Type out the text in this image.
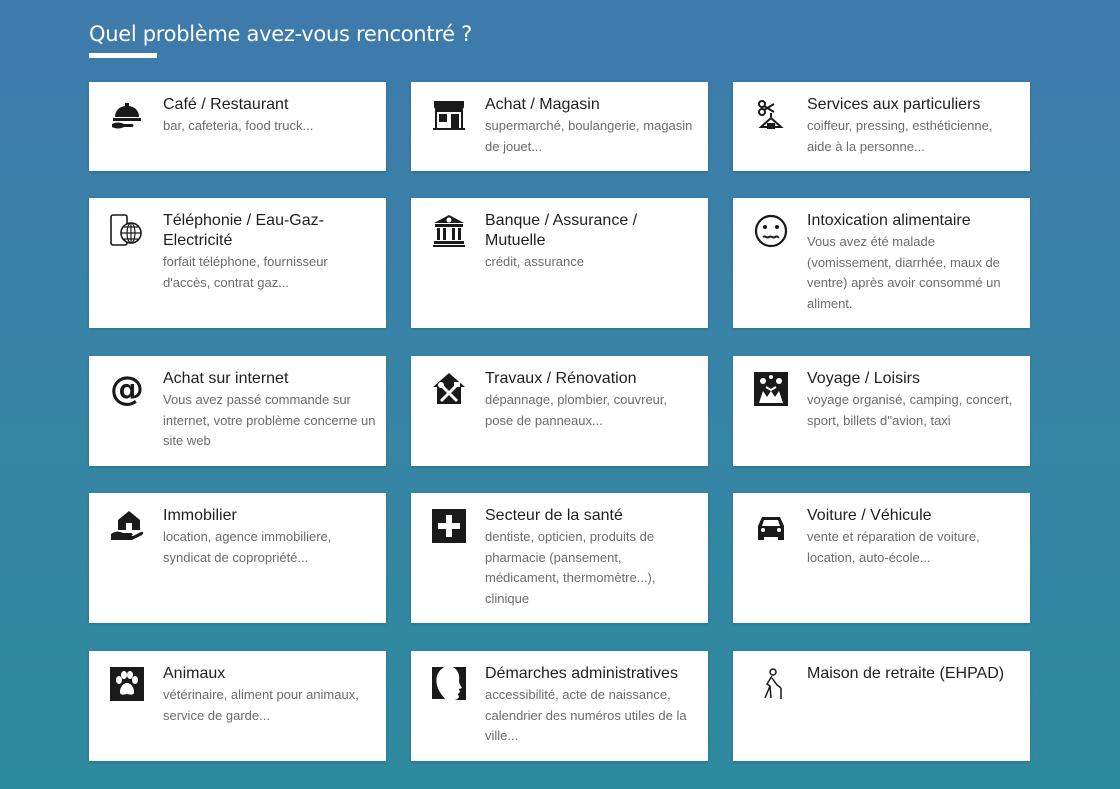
Quel problème avez-vous rencontré ?
Café / Restaurant
bar, cafeteria, food truck...
Achat / Magasin
supermarché, boulangerie, magasin de jouet...
Services aux particuliers
coiffeur, pressing, esthéticienne, aide à la personne...
Téléphonie / Eau-Gaz-Electricité
forfait téléphone, fournisseur d'accès, contrat gaz...
Banque / Assurance / Mutuelle
crédit, assurance
Intoxication alimentaire
Vous avez été malade (vomissement, diarrhée, maux de ventre) après avoir consommé un aliment.
@ Achat sur internet
Vous avez passé commande sur internet, votre problème concerne un site web
Travaux / Rénovation
dépannage, plombier, couvreur, pose de panneaux...
Voyage / Loisirs
voyage organisé, camping, concert, sport, billets d''avion, taxi
Immobilier
location, agence immobiliere, syndicat de copropriété...
Secteur de la santé
dentiste, opticien, produits de pharmacie (pansement, médicament, thermomètre...), clinique
Voiture / Véhicule
vente et réparation de voiture, location, auto-école...
Animaux
vétérinaire, aliment pour animaux, service de garde...
Démarches administratives
accessibilité, acte de naissance, calendrier des numéros utiles de la ville...
Maison de retraite (EHPAD)
